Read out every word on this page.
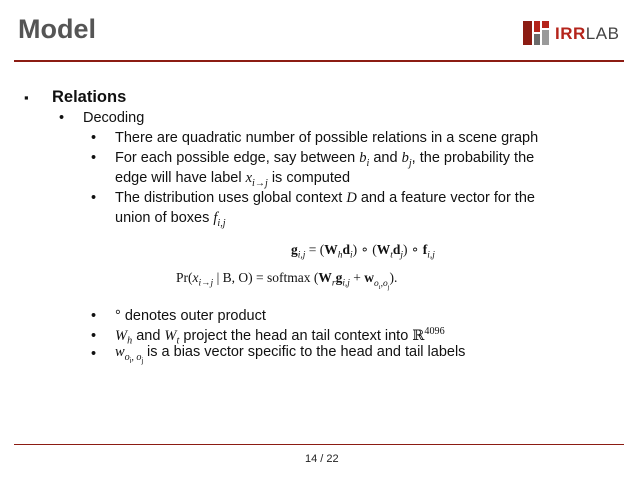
Model	IRRLAB
▪ Relations
• Decoding
• There are quadratic number of possible relations in a scene graph
• For each possible edge, say between $b_i$ and $b_j$, the probability the
edge will have label $x_{i\to j}$ is computed
• The distribution uses global context D and a feature vector for the
union of boxes $f_{i,j}$
$g_{i,j} = (W_hd_i)$ ∘ $(W_td_j)$ ∘ $f_{i,j}$
$Pr(x_{i\to j}$ | B, O) = softmax $(W_rg_{i,j} + w_{o_i,o_j})$.
• ° denotes outer product
• $W_h$ and $W_t$ project the head an tail context into ℝ$^{4096}$
• $w_{o_i, o_j}$ is a bias vector specific to the head and tail labels
14 / 22
